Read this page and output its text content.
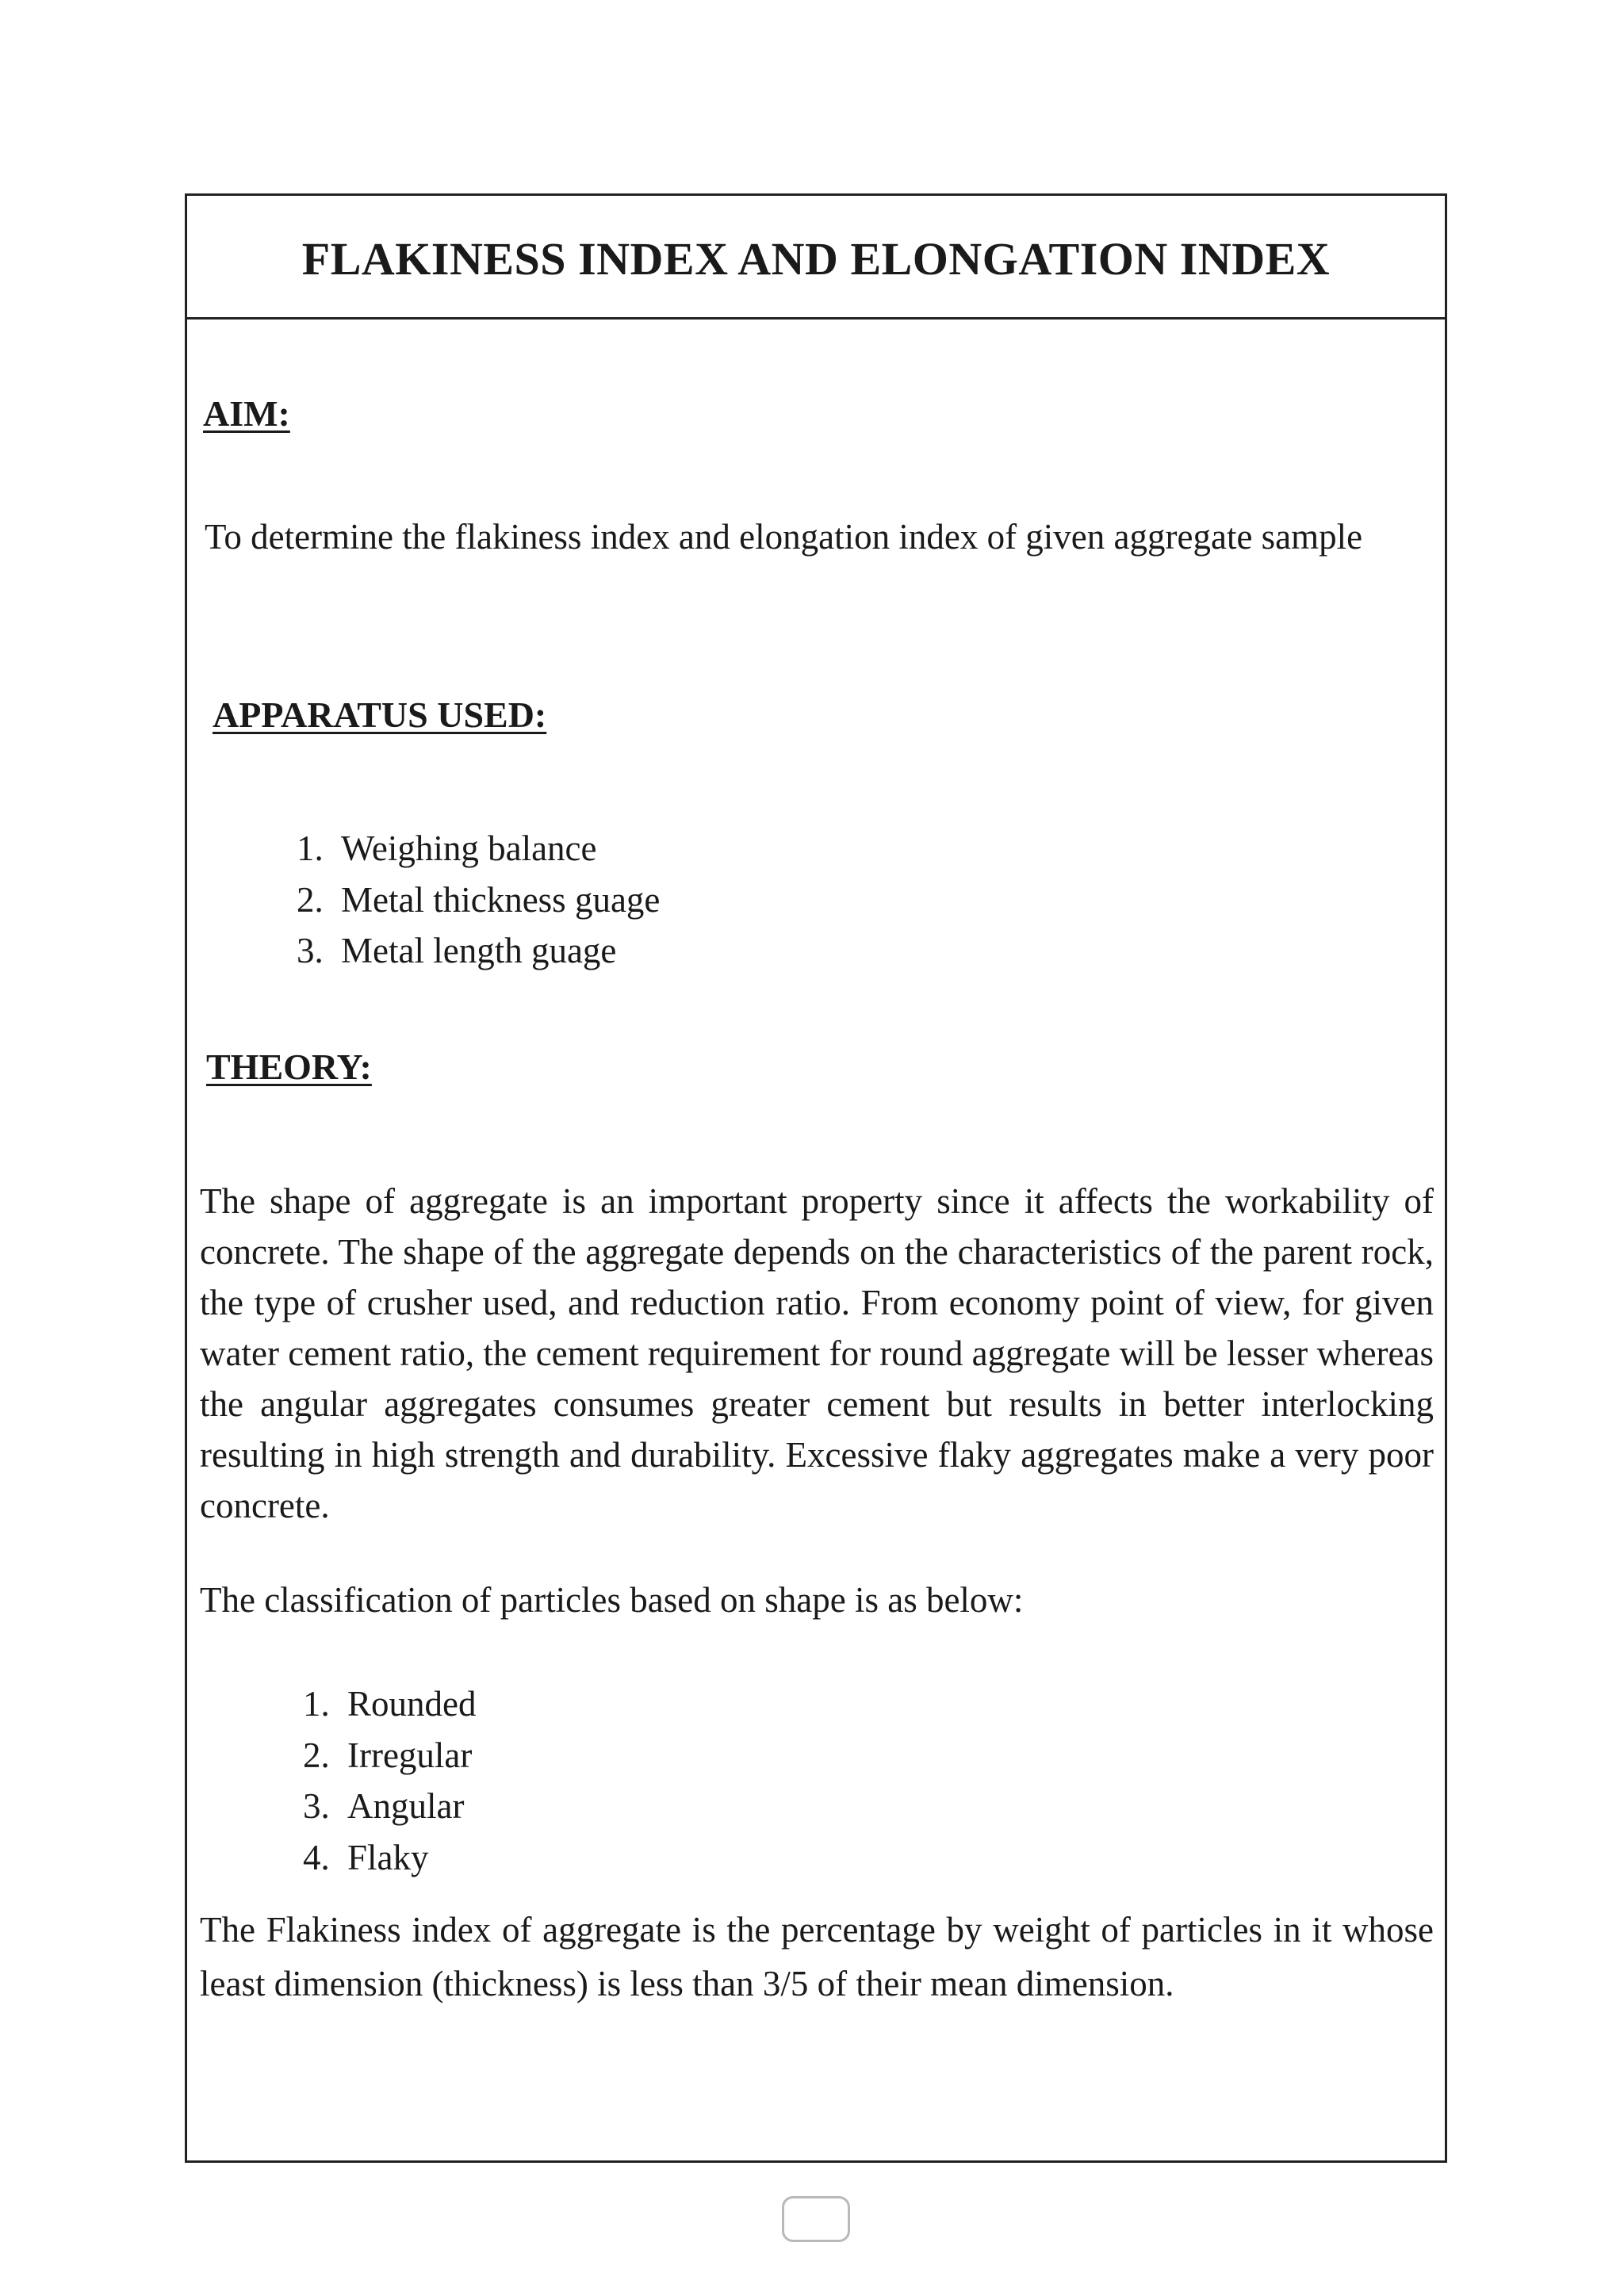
FLAKINESS INDEX AND ELONGATION INDEX

AIM:

To determine the flakiness index and elongation index of given aggregate sample

APPARATUS USED:

1. Weighing balance
2. Metal thickness guage
3. Metal length guage

THEORY:

The shape of aggregate is an important property since it affects the workability of concrete. The shape of the aggregate depends on the characteristics of the parent rock, the type of crusher used, and reduction ratio. From economy point of view, for given water cement ratio, the cement requirement for round aggregate will be lesser whereas the angular aggregates consumes greater cement but results in better interlocking resulting in high strength and durability. Excessive flaky aggregates make a very poor concrete.

The classification of particles based on shape is as below:

1. Rounded
2. Irregular
3. Angular
4. Flaky

The Flakiness index of aggregate is the percentage by weight of particles in it whose least dimension (thickness) is less than 3/5 of their mean dimension.
